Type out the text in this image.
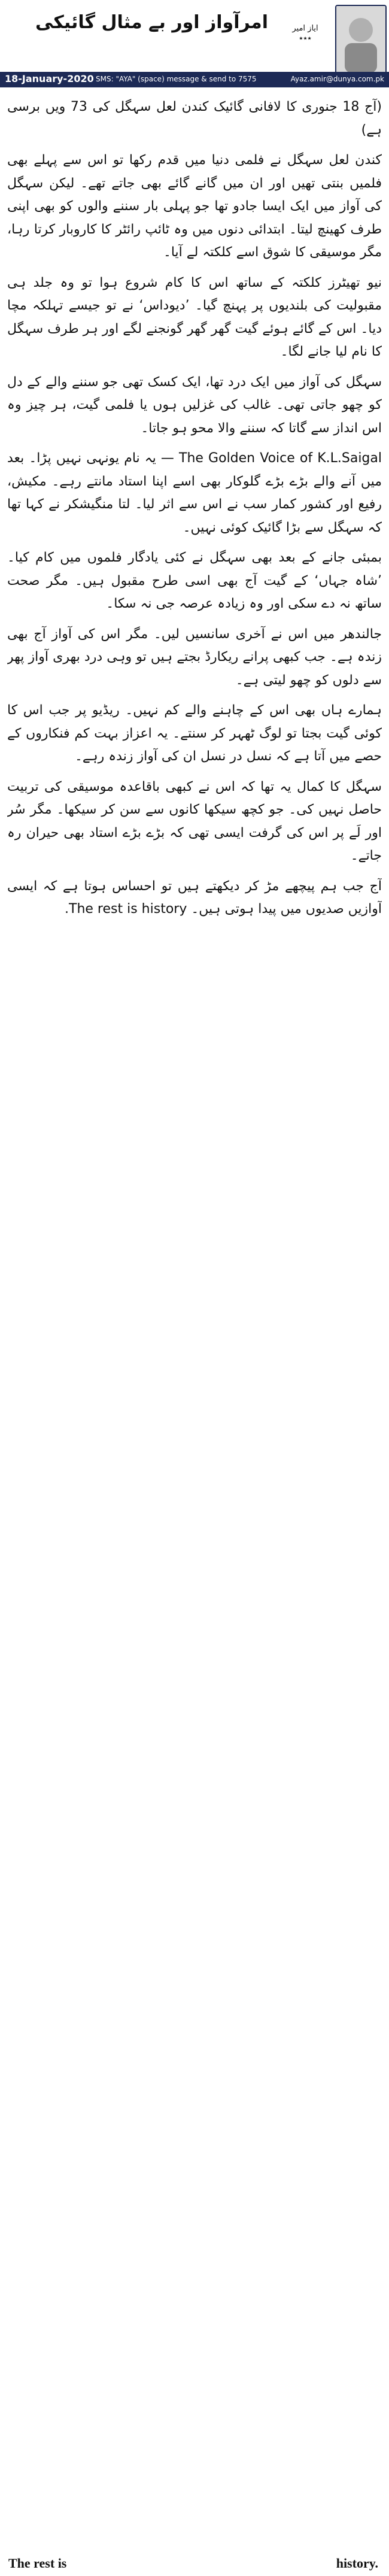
امرآواز اور بے مثال گائیکی	ایاز امیر
٭٭٭
18-January-2020 SMS: "AYA" (space) message & send to 7575	Ayaz.amir@dunya.com.pk

(آج 18 جنوری کا لافانی گائیک کندن لعل سہگل کی 73 ویں برسی ہے)

کندن لعل سہگل نے فلمی دنیا میں قدم رکھا تو اس سے پہلے بھی فلمیں بنتی تھیں اور ان میں گانے گائے بھی جاتے تھے۔ لیکن سہگل کی آواز میں ایک ایسا جادو تھا جو پہلی بار سننے والوں کو بھی اپنی طرف کھینچ لیتا۔ ابتدائی دنوں میں وہ ٹائپ رائٹر کا کاروبار کرتا رہا، مگر موسیقی کا شوق اسے کلکتہ لے آیا۔

نیو تھیٹرز کلکتہ کے ساتھ اس کا کام شروع ہوا تو وہ جلد ہی مقبولیت کی بلندیوں پر پہنچ گیا۔ ’دیوداس‘ نے تو جیسے تہلکہ مچا دیا۔ اس کے گائے ہوئے گیت گھر گھر گونجنے لگے اور ہر طرف سہگل کا نام لیا جانے لگا۔

سہگل کی آواز میں ایک درد تھا، ایک کسک تھی جو سننے والے کے دل کو چھو جاتی تھی۔ غالب کی غزلیں ہوں یا فلمی گیت، ہر چیز وہ اس انداز سے گاتا کہ سننے والا محو ہو جاتا۔

The Golden Voice of K.L.Saigal — یہ نام یونہی نہیں پڑا۔ بعد میں آنے والے بڑے بڑے گلوکار بھی اسے اپنا استاد مانتے رہے۔ مکیش، رفیع اور کشور کمار سب نے اس سے اثر لیا۔ لتا منگیشکر نے کہا تھا کہ سہگل سے بڑا گائیک کوئی نہیں۔

بمبئی جانے کے بعد بھی سہگل نے کئی یادگار فلموں میں کام کیا۔ ’شاہ جہاں‘ کے گیت آج بھی اسی طرح مقبول ہیں۔ مگر صحت ساتھ نہ دے سکی اور وہ زیادہ عرصہ جی نہ سکا۔

جالندھر میں اس نے آخری سانسیں لیں۔ مگر اس کی آواز آج بھی زندہ ہے۔ جب کبھی پرانے ریکارڈ بجتے ہیں تو وہی درد بھری آواز پھر سے دلوں کو چھو لیتی ہے۔

ہمارے ہاں بھی اس کے چاہنے والے کم نہیں۔ ریڈیو پر جب اس کا کوئی گیت بجتا تو لوگ ٹھہر کر سنتے۔ یہ اعزاز بہت کم فنکاروں کے حصے میں آتا ہے کہ نسل در نسل ان کی آواز زندہ رہے۔

سہگل کا کمال یہ تھا کہ اس نے کبھی باقاعدہ موسیقی کی تربیت حاصل نہیں کی۔ جو کچھ سیکھا کانوں سے سن کر سیکھا۔ مگر سُر اور لَے پر اس کی گرفت ایسی تھی کہ بڑے بڑے استاد بھی حیران رہ جاتے۔

آج جب ہم پیچھے مڑ کر دیکھتے ہیں تو احساس ہوتا ہے کہ ایسی آوازیں صدیوں میں پیدا ہوتی ہیں۔ The rest is history.

The rest is	history.
